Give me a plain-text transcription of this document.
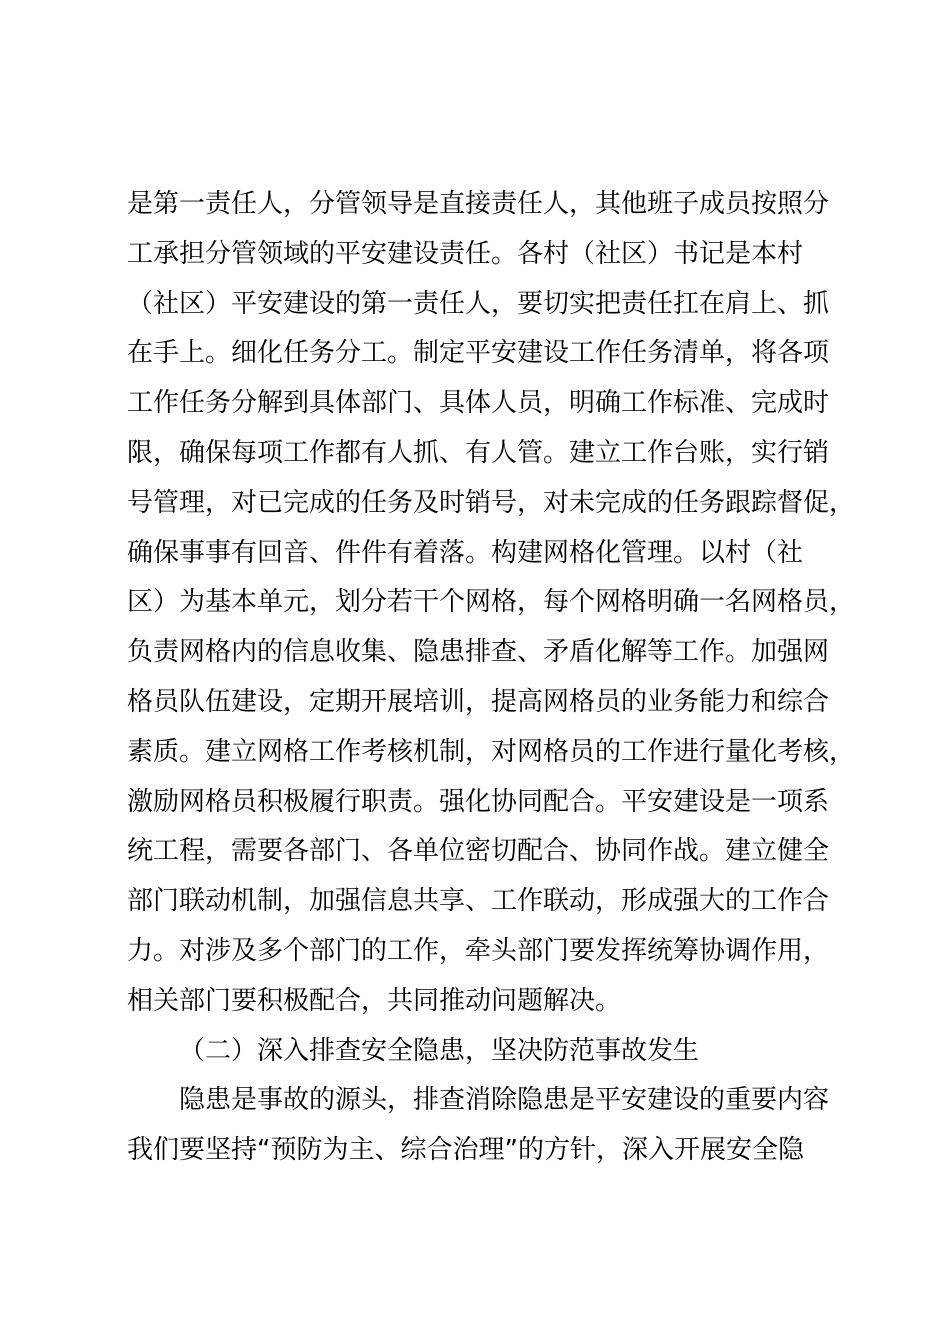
是第一责任人，分管领导是直接责任人，其他班子成员按照分
工承担分管领域的平安建设责任。各村（社区）书记是本村
（社区）平安建设的第一责任人，要切实把责任扛在肩上、抓
在手上。细化任务分工。制定平安建设工作任务清单，将各项
工作任务分解到具体部门、具体人员，明确工作标准、完成时
限，确保每项工作都有人抓、有人管。建立工作台账，实行销
号管理，对已完成的任务及时销号，对未完成的任务跟踪督促，
确保事事有回音、件件有着落。构建网格化管理。以村（社
区）为基本单元，划分若干个网格，每个网格明确一名网格员，
负责网格内的信息收集、隐患排查、矛盾化解等工作。加强网
格员队伍建设，定期开展培训，提高网格员的业务能力和综合
素质。建立网格工作考核机制，对网格员的工作进行量化考核，
激励网格员积极履行职责。强化协同配合。平安建设是一项系
统工程，需要各部门、各单位密切配合、协同作战。建立健全
部门联动机制，加强信息共享、工作联动，形成强大的工作合
力。对涉及多个部门的工作，牵头部门要发挥统筹协调作用，
相关部门要积极配合，共同推动问题解决。
（二）深入排查安全隐患，坚决防范事故发生
隐患是事故的源头，排查消除隐患是平安建设的重要内容
我们要坚持“预防为主、综合治理”的方针，深入开展安全隐
